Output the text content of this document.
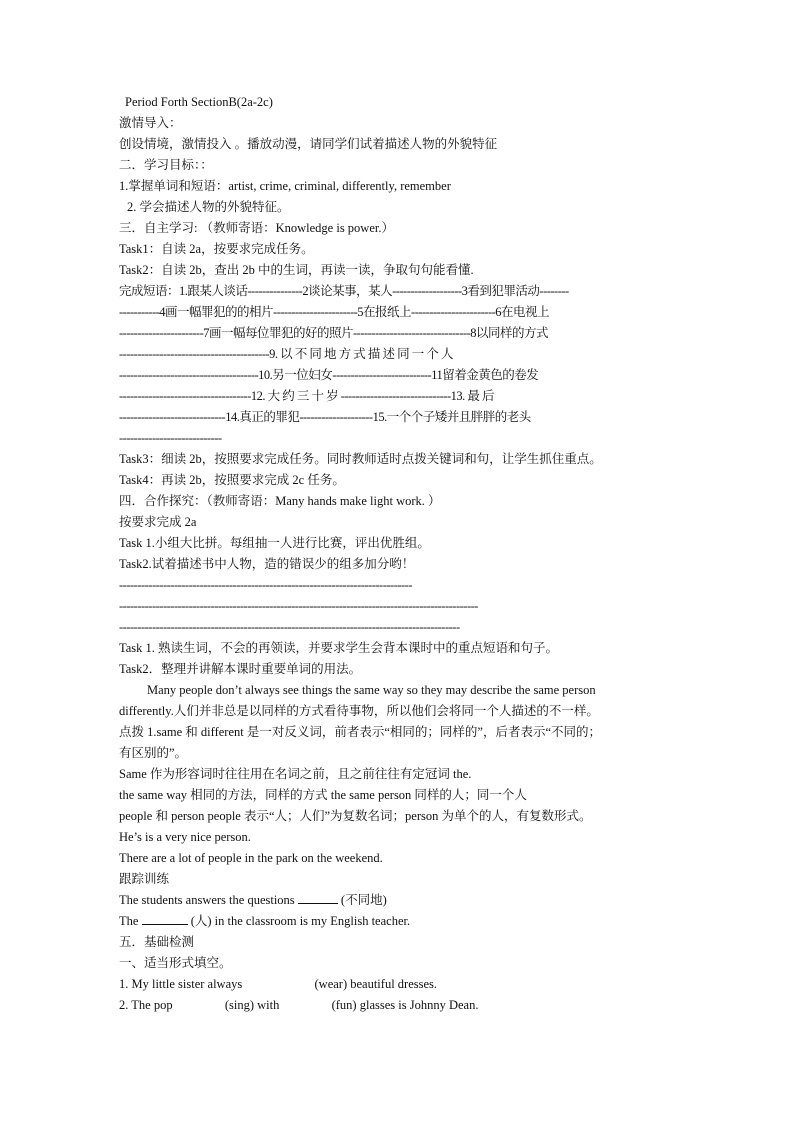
Period Forth SectionB(2a-2c)
激情导入：
创设情境，激情投入 。播放动漫，请同学们试着描述人物的外貌特征
二．学习目标：：
1.掌握单词和短语：artist, crime, criminal, differently, remember
2. 学会描述人物的外貌特征。
三．自主学习: （教师寄语：Knowledge is power.）
Task1：自读 2a，按要求完成任务。
Task2：自读 2b，查出 2b 中的生词，再读一读，争取句句能看懂.
完成短语：1.跟某人谈话---------------2谈论某事，某人-------------------3看到犯罪活动--------
-----------4画一幅罪犯的的相片-----------------------5在报纸上-----------------------6在电视上
-----------------------7画一幅每位罪犯的好的照片--------------------------------8以同样的方式
-----------------------------------------9. 以 不 同 地 方 式 描 述 同 一 个 人
--------------------------------------10.另一位妇女---------------------------11留着金黄色的卷发
------------------------------------12. 大 约 三 十 岁 ------------------------------13. 最 后
-----------------------------14.真正的罪犯--------------------15.一个个子矮并且胖胖的老头
----------------------------
Task3：细读 2b，按照要求完成任务。同时教师适时点拨关键词和句，让学生抓住重点。
Task4：再读 2b，按照要求完成 2c 任务。
四．合作探究：（教师寄语：Many hands make light work. ）
按要求完成 2a
Task 1.小组大比拼。每组抽一人进行比赛，评出优胜组。
Task2.试着描述书中人物，造的错误少的组多加分哟！
--------------------------------------------------------------------------------
--------------------------------------------------------------------------------------------------
---------------------------------------------------------------------------------------------
Task 1. 熟读生词，不会的再领读，并要求学生会背本课时中的重点短语和句子。
Task2．整理并讲解本课时重要单词的用法。
Many people don’t always see things the same way so they may describe the same person
differently.人们并非总是以同样的方式看待事物，所以他们会将同一个人描述的不一样。
点拨 1.same 和 different 是一对反义词，前者表示“相同的；同样的”，后者表示“不同的；
有区别的”。
Same 作为形容词时往往用在名词之前，且之前往往有定冠词 the.
the same way 相同的方法，同样的方式 the same person 同样的人；同一个人
people 和 person people 表示“人；人们”为复数名词；person 为单个的人，有复数形式。
He’s is a very nice person.
There are a lot of people in the park on the weekend.
跟踪训练
The students answers the questions	(不同地)
The	(人) in the classroom is my English teacher.
五．基础检测
一、适当形式填空。
1. My little sister always	(wear) beautiful dresses.
2. The pop	(sing) with	(fun) glasses is Johnny Dean.
